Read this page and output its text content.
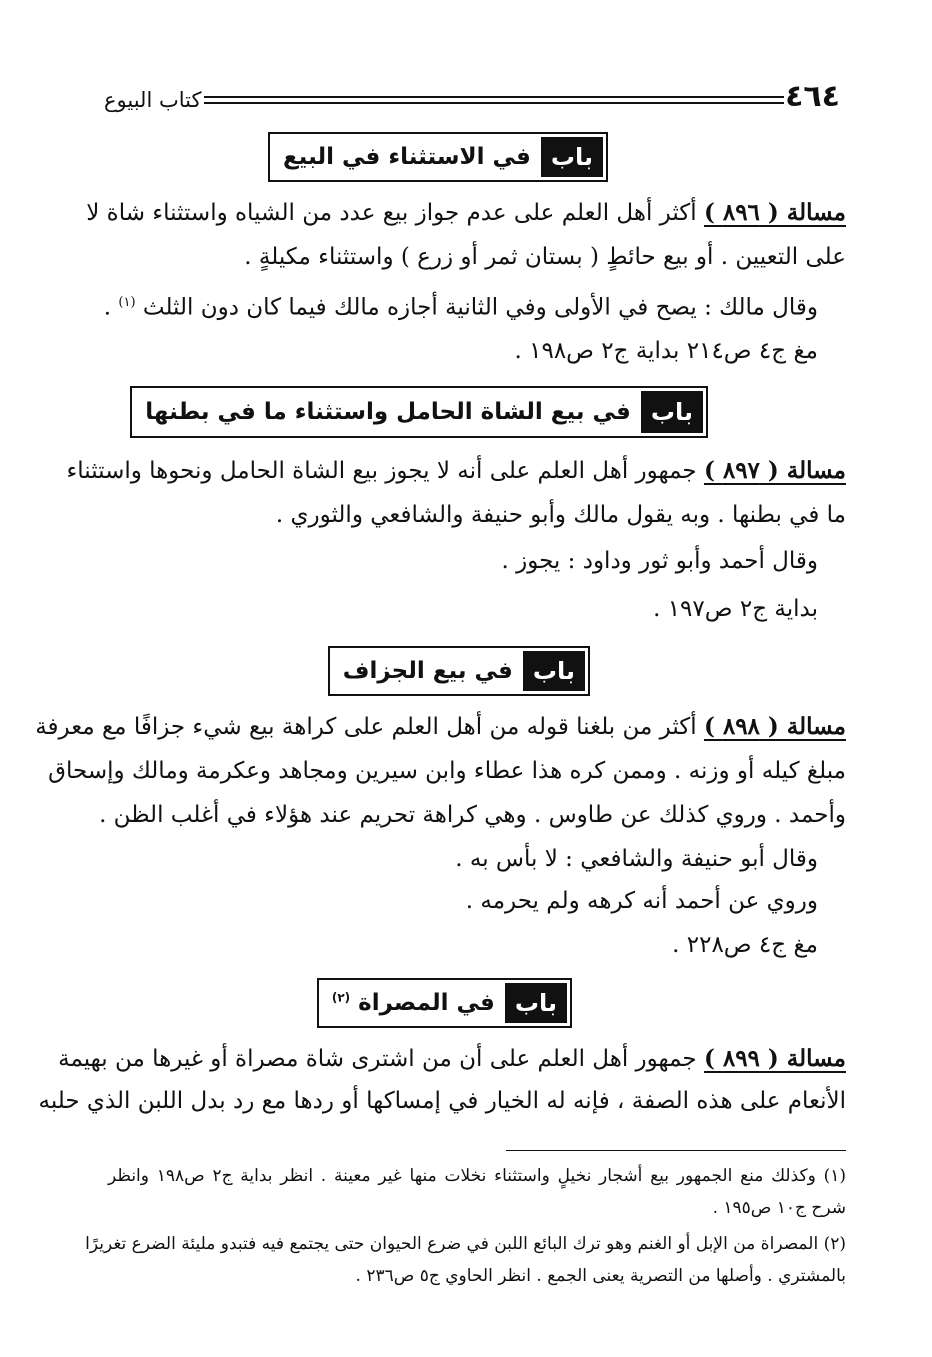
٤٦٤
كتاب البيوع
باب
في الاستثناء في البيع
مسالة ( ٨٩٦ ) أكثر أهل العلم على عدم جواز بيع عدد من الشياه واستثناء شاة لا
على التعيين . أو بيع حائطٍ ( بستان ثمر أو زرع ) واستثناء مكيلةٍ .
وقال مالك : يصح في الأولى وفي الثانية أجازه مالك فيما كان دون الثلث $^{(١)}$ .
مغ ج٤ ص٢١٤ بداية ج٢ ص١٩٨ .
باب
في بيع الشاة الحامل واستثناء ما في بطنها
مسالة ( ٨٩٧ ) جمهور أهل العلم على أنه لا يجوز بيع الشاة الحامل ونحوها واستثناء
ما في بطنها . وبه يقول مالك وأبو حنيفة والشافعي والثوري .
وقال أحمد وأبو ثور وداود : يجوز .
بداية ج٢ ص١٩٧ .
باب
في بيع الجزاف
مسالة ( ٨٩٨ ) أكثر من بلغنا قوله من أهل العلم على كراهة بيع شيء جزافًا مع معرفة
مبلغ كيله أو وزنه . وممن كره هذا عطاء وابن سيرين ومجاهد وعكرمة ومالك وإسحاق
وأحمد . وروي كذلك عن طاوس . وهي كراهة تحريم عند هؤلاء في أغلب الظن .
وقال أبو حنيفة والشافعي : لا بأس به .
وروي عن أحمد أنه كرهه ولم يحرمه .
مغ ج٤ ص٢٢٨ .
باب
في المصراة $^{(٢)}$
مسالة ( ٨٩٩ ) جمهور أهل العلم على أن من اشترى شاة مصراة أو غيرها من بهيمة
الأنعام على هذه الصفة ، فإنه له الخيار في إمساكها أو ردها مع رد بدل اللبن الذي حلبه
(١) وكذلك منع الجمهور بيع أشجار نخيلٍ واستثناء نخلات منها غير معينة . انظر بداية ج٢ ص١٩٨ وانظر
شرح ج١٠ ص١٩٥ .
(٢) المصراة من الإبل أو الغنم وهو ترك البائع اللبن في ضرع الحيوان حتى يجتمع فيه فتبدو مليئة الضرع تغريرًا
بالمشتري . وأصلها من التصرية يعنى الجمع . انظر الحاوي ج٥ ص٢٣٦ .
